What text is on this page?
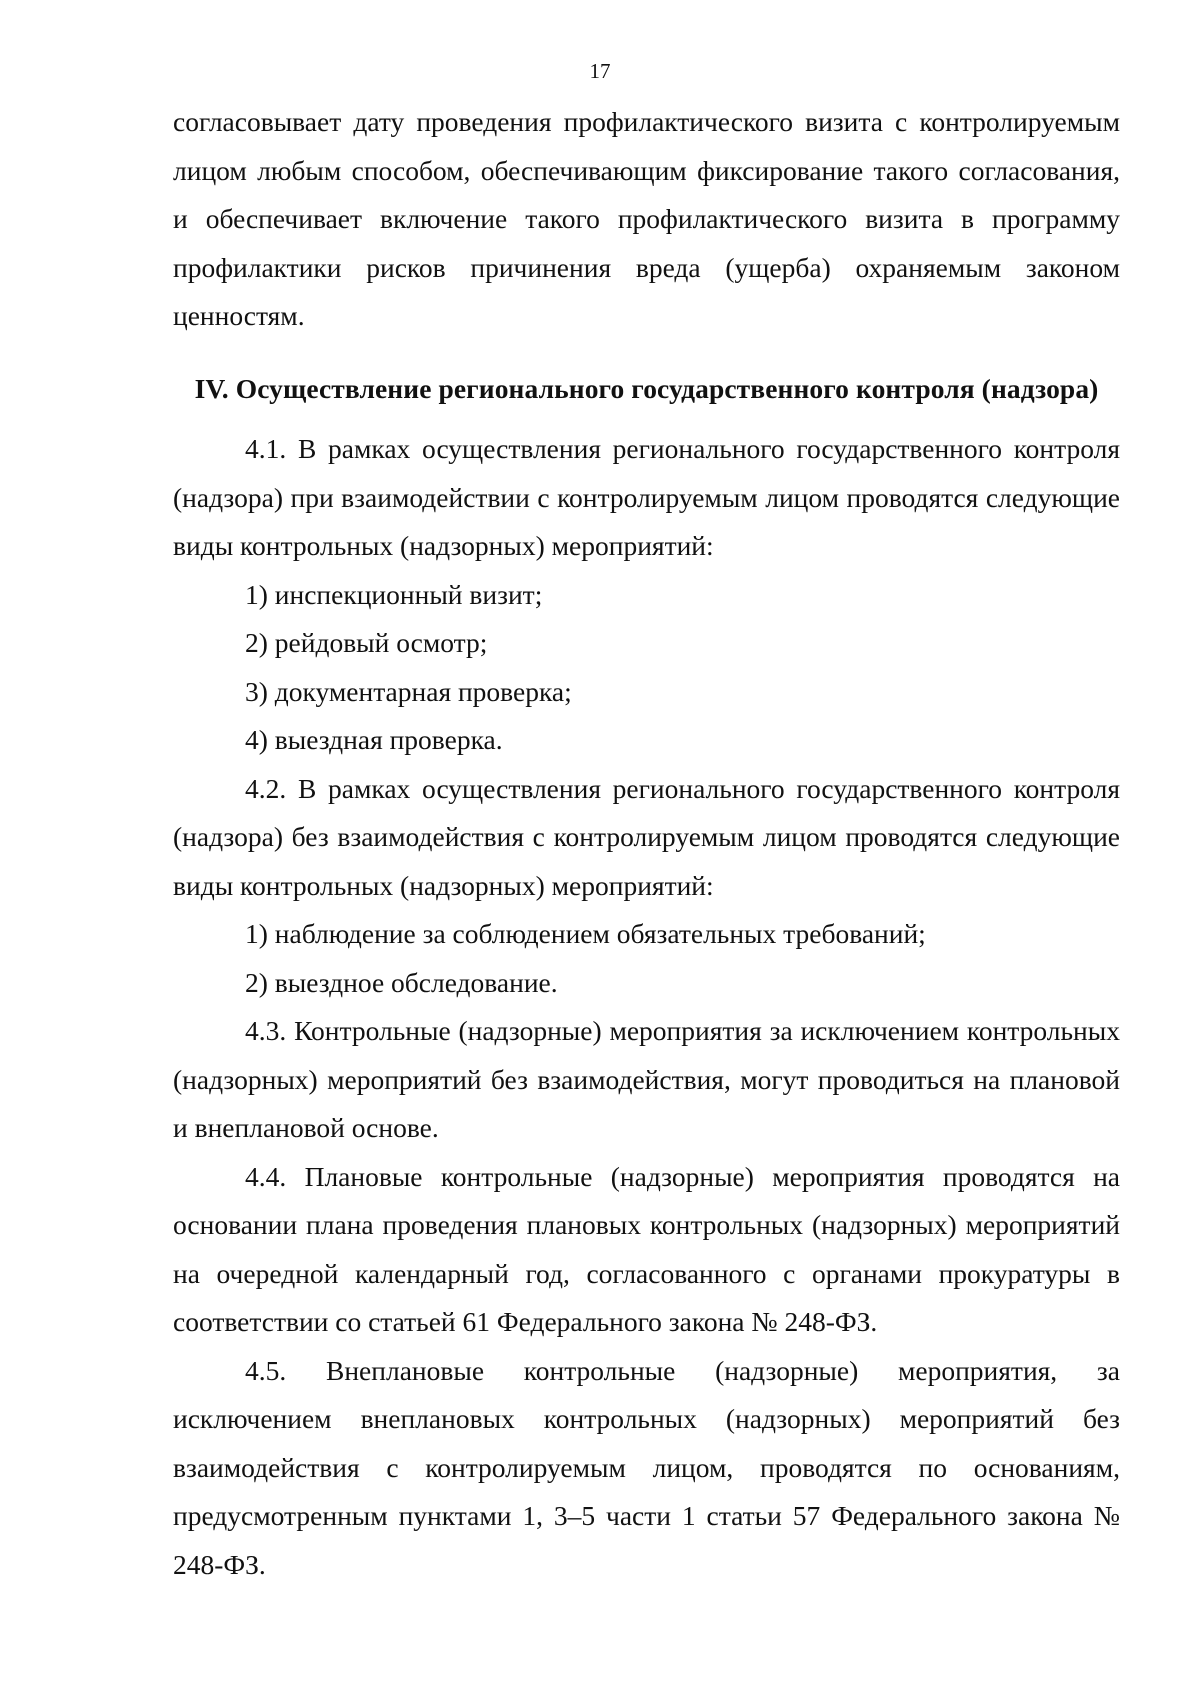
17

согласовывает дату проведения профилактического визита с контролируемым лицом любым способом, обеспечивающим фиксирование такого согласования, и обеспечивает включение такого профилактического визита в программу профилактики рисков причинения вреда (ущерба) охраняемым законом ценностям.

IV. Осуществление регионального государственного контроля (надзора)

4.1. В рамках осуществления регионального государственного контроля (надзора) при взаимодействии с контролируемым лицом проводятся следующие виды контрольных (надзорных) мероприятий:

1) инспекционный визит;

2) рейдовый осмотр;

3) документарная проверка;

4) выездная проверка.

4.2. В рамках осуществления регионального государственного контроля (надзора) без взаимодействия с контролируемым лицом проводятся следующие виды контрольных (надзорных) мероприятий:

1) наблюдение за соблюдением обязательных требований;

2) выездное обследование.

4.3. Контрольные (надзорные) мероприятия за исключением контрольных (надзорных) мероприятий без взаимодействия, могут проводиться на плановой и внеплановой основе.

4.4. Плановые контрольные (надзорные) мероприятия проводятся на основании плана проведения плановых контрольных (надзорных) мероприятий на очередной календарный год, согласованного с органами прокуратуры в соответствии со статьей 61 Федерального закона № 248-ФЗ.

4.5. Внеплановые контрольные (надзорные) мероприятия, за исключением внеплановых контрольных (надзорных) мероприятий без взаимодействия с контролируемым лицом, проводятся по основаниям, предусмотренным пунктами 1, 3–5 части 1 статьи 57 Федерального закона № 248-ФЗ.
